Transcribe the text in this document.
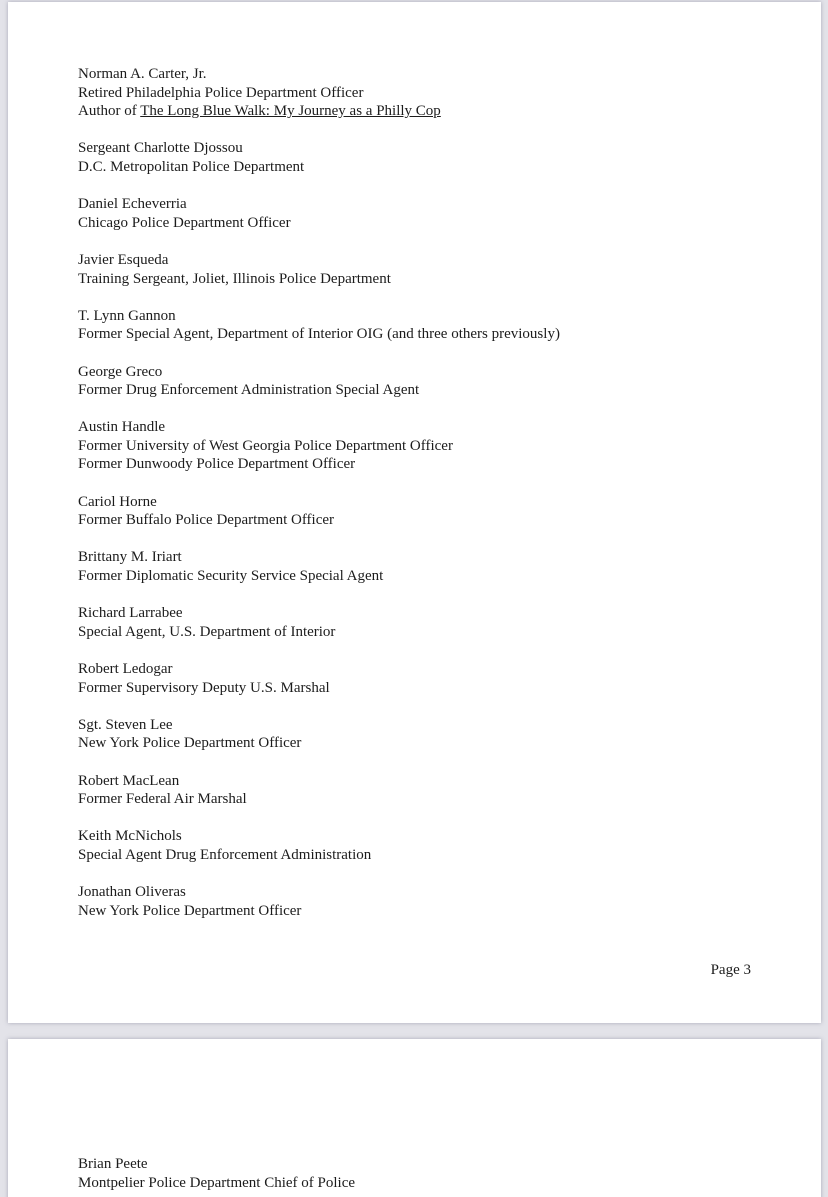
Norman A. Carter, Jr.
Retired Philadelphia Police Department Officer
Author of The Long Blue Walk: My Journey as a Philly Cop
Sergeant Charlotte Djossou
D.C. Metropolitan Police Department
Daniel Echeverria
Chicago Police Department Officer
Javier Esqueda
Training Sergeant, Joliet, Illinois Police Department
T. Lynn Gannon
Former Special Agent, Department of Interior OIG (and three others previously)
George Greco
Former Drug Enforcement Administration Special Agent
Austin Handle
Former University of West Georgia Police Department Officer
Former Dunwoody Police Department Officer
Cariol Horne
Former Buffalo Police Department Officer
Brittany M. Iriart
Former Diplomatic Security Service Special Agent
Richard Larrabee
Special Agent, U.S. Department of Interior
Robert Ledogar
Former Supervisory Deputy U.S. Marshal
Sgt. Steven Lee
New York Police Department Officer
Robert MacLean
Former Federal Air Marshal
Keith McNichols
Special Agent Drug Enforcement Administration
Jonathan Oliveras
New York Police Department Officer
Page 3
Brian Peete
Montpelier Police Department Chief of Police
